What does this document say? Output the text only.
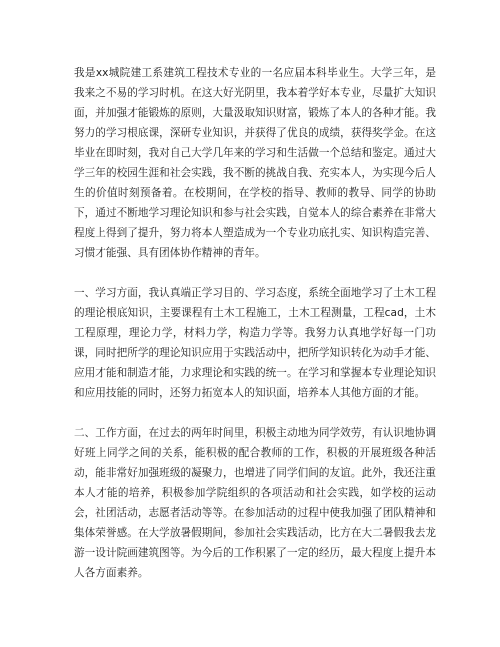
我是xx城院建工系建筑工程技术专业的一名应届本科毕业生。大学三年，是我来之不易的学习时机。在这大好光阴里，我本着学好本专业，尽量扩大知识面，并加强才能锻炼的原则，大量汲取知识财富，锻炼了本人的各种才能。我努力的学习根底课，深研专业知识，并获得了优良的成绩，获得奖学金。在这毕业在即时刻，我对自己大学几年来的学习和生活做一个总结和鉴定。通过大学三年的校园生涯和社会实践，我不断的挑战自我、充实本人，为实现今后人生的价值时刻预备着。在校期间，在学校的指导、教师的教导、同学的协助下，通过不断地学习理论知识和参与社会实践，自觉本人的综合素养在非常大程度上得到了提升，努力将本人塑造成为一个专业功底扎实、知识构造完善、习惯才能强、具有团体协作精神的青年。

一、学习方面，我认真端正学习目的、学习态度，系统全面地学习了土木工程的理论根底知识，主要课程有土木工程施工，土木工程测量，工程cad，土木工程原理，理论力学，材料力学，构造力学等。我努力认真地学好每一门功课，同时把所学的理论知识应用于实践活动中，把所学知识转化为动手才能、应用才能和制造才能，力求理论和实践的统一。在学习和掌握本专业理论知识和应用技能的同时，还努力拓宽本人的知识面，培养本人其他方面的才能。

二、工作方面，在过去的两年时间里，积极主动地为同学效劳，有认识地协调好班上同学之间的关系，能积极的配合教师的工作，积极的开展班级各种活动，能非常好加强班级的凝聚力，也增进了同学们间的友谊。此外，我还注重本人才能的培养，积极参加学院组织的各项活动和社会实践，如学校的运动会，社团活动，志愿者活动等等。在参加活动的过程中使我加强了团队精神和集体荣誉感。在大学放暑假期间，参加社会实践活动，比方在大二暑假我去龙游一设计院画建筑图等。为今后的工作积累了一定的经历，最大程度上提升本人各方面素养。
